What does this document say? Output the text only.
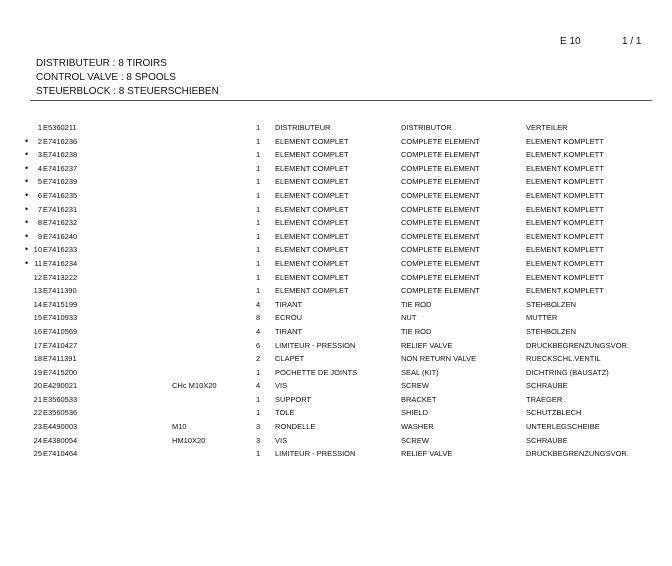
E 10	1 / 1
DISTRIBUTEUR : 8 TIROIRS
CONTROL VALVE : 8 SPOOLS
STEUERBLOCK : 8 STEUERSCHIEBEN
1 E5360211	1 DISTRIBUTEUR	DISTRIBUTOR	VERTEILER
•	2 E7416236	1 ELEMENT COMPLET	COMPLETE ELEMENT	ELEMENT KOMPLETT
•	3 E7416238	1 ELEMENT COMPLET	COMPLETE ELEMENT	ELEMENT KOMPLETT
•	4 E7416237	1 ELEMENT COMPLET	COMPLETE ELEMENT	ELEMENT KOMPLETT
•	5 E7416239	1 ELEMENT COMPLET	COMPLETE ELEMENT	ELEMENT KOMPLETT
•	6 E7416235	1 ELEMENT COMPLET	COMPLETE ELEMENT	ELEMENT KOMPLETT
•	7 E7416231	1 ELEMENT COMPLET	COMPLETE ELEMENT	ELEMENT KOMPLETT
•	8 E7416232	1 ELEMENT COMPLET	COMPLETE ELEMENT	ELEMENT KOMPLETT
•	9 E7416240	1 ELEMENT COMPLET	COMPLETE ELEMENT	ELEMENT KOMPLETT
• 10 E7416233	1 ELEMENT COMPLET	COMPLETE ELEMENT	ELEMENT KOMPLETT
• 11 E7416234	1 ELEMENT COMPLET	COMPLETE ELEMENT	ELEMENT KOMPLETT
12 E7413222	1 ELEMENT COMPLET	COMPLETE ELEMENT	ELEMENT KOMPLETT
13 E7411390	1 ELEMENT COMPLET	COMPLETE ELEMENT	ELEMENT KOMPLETT
14 E7415199	4 TIRANT	TIE ROD	STEHBOLZEN
15 E7410933	8 ECROU	NUT	MUTTER
16 E7410569	4 TIRANT	TIE ROD	STEHBOLZEN
17 E7410427	6 LIMITEUR - PRESSION	RELIEF VALVE	DRUCKBEGRENZUNGSVOR.
18 E7411391	2 CLAPET	NON RETURN VALVE	RUECKSCHL.VENTIL
19 E7415200	1 POCHETTE DE JOINTS	SEAL (KIT)	DICHTRING (BAUSATZ)
20 E4290021	CHc M10X20	4 VIS	SCREW	SCHRAUBE
21 E3560533	1 SUPPORT	BRACKET	TRAEGER
22 E3560536	1 TOLE	SHIELD	SCHUTZBLECH
23 E4490003	M10	3 RONDELLE	WASHER	UNTERLEGSCHEIBE
24 E4380054	HM10X20	3 VIS	SCREW	SCHRAUBE
25 E7410464	1 LIMITEUR - PRESSION	RELIEF VALVE	DRUCKBEGRENZUNGSVOR.
